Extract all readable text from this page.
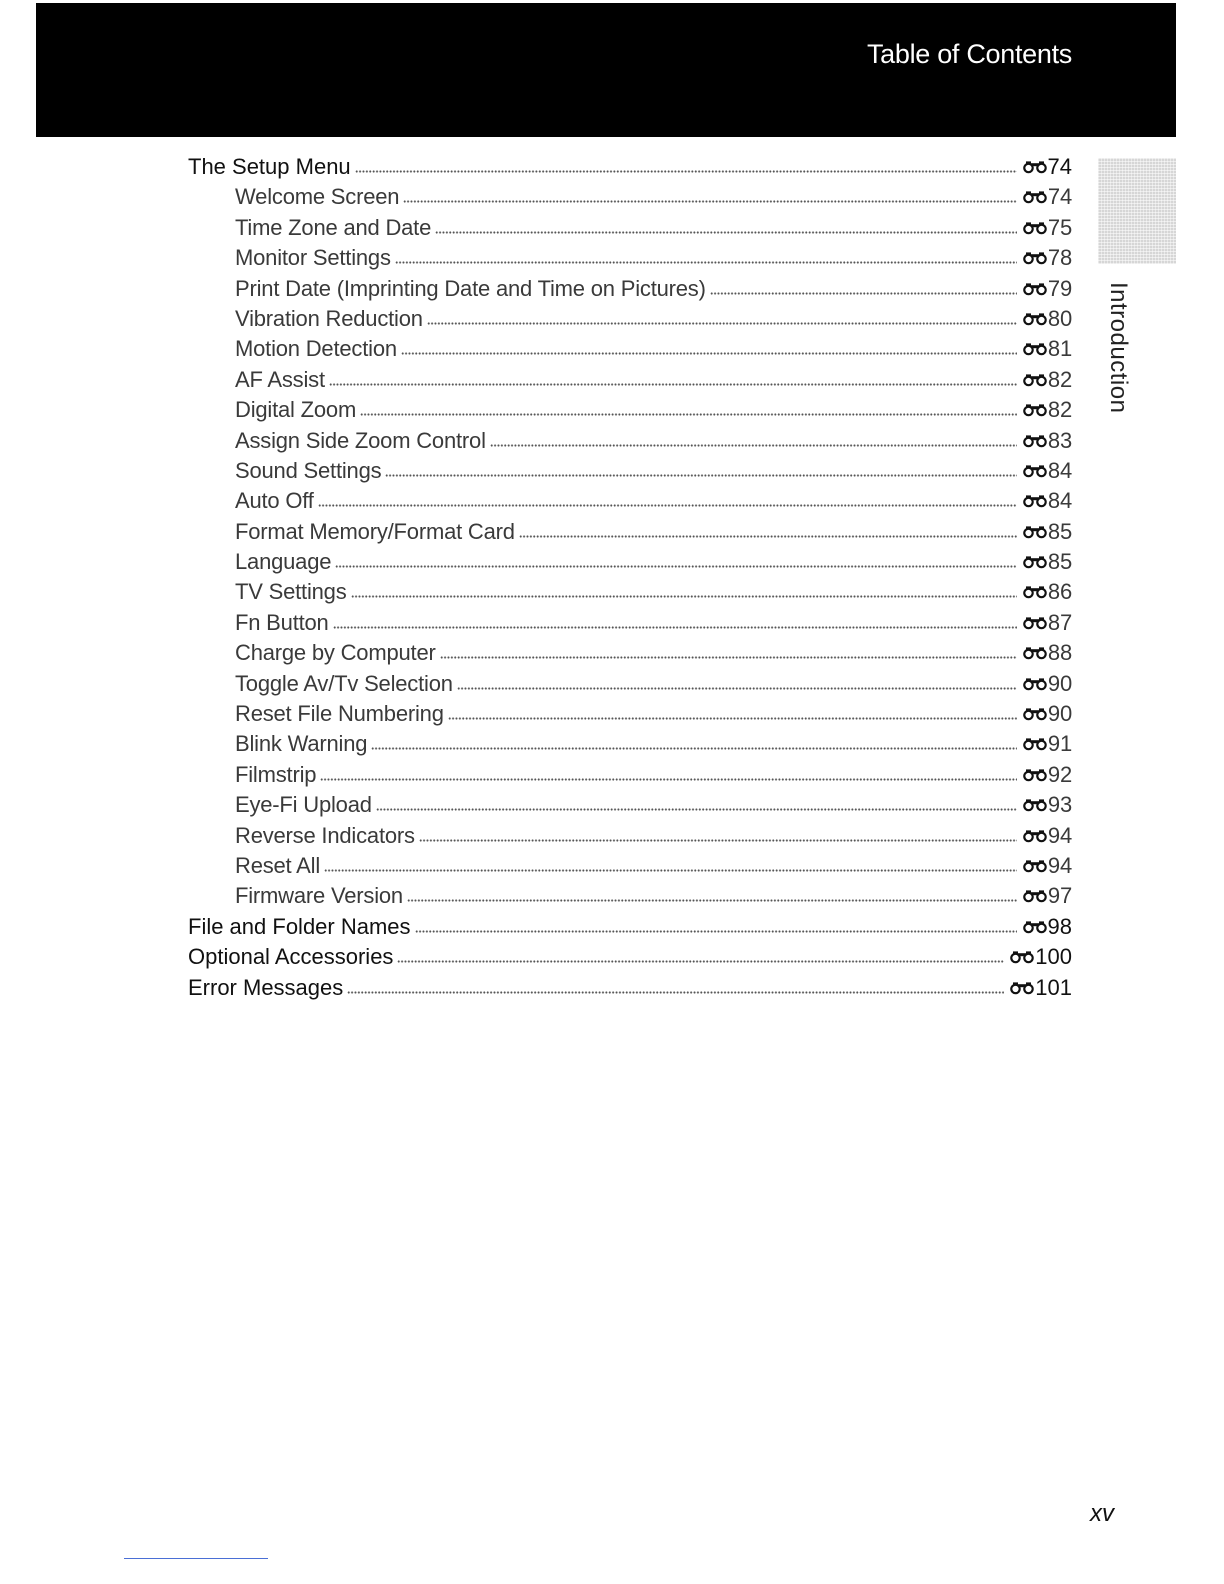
Table of Contents
Introduction
The Setup Menu	74
Welcome Screen	74
Time Zone and Date	75
Monitor Settings	78
Print Date (Imprinting Date and Time on Pictures)	79
Vibration Reduction	80
Motion Detection	81
AF Assist	82
Digital Zoom	82
Assign Side Zoom Control	83
Sound Settings	84
Auto Off	84
Format Memory/Format Card	85
Language	85
TV Settings	86
Fn Button	87
Charge by Computer	88
Toggle Av/Tv Selection	90
Reset File Numbering	90
Blink Warning	91
Filmstrip	92
Eye-Fi Upload	93
Reverse Indicators	94
Reset All	94
Firmware Version	97
File and Folder Names	98
Optional Accessories	100
Error Messages	101
xv
